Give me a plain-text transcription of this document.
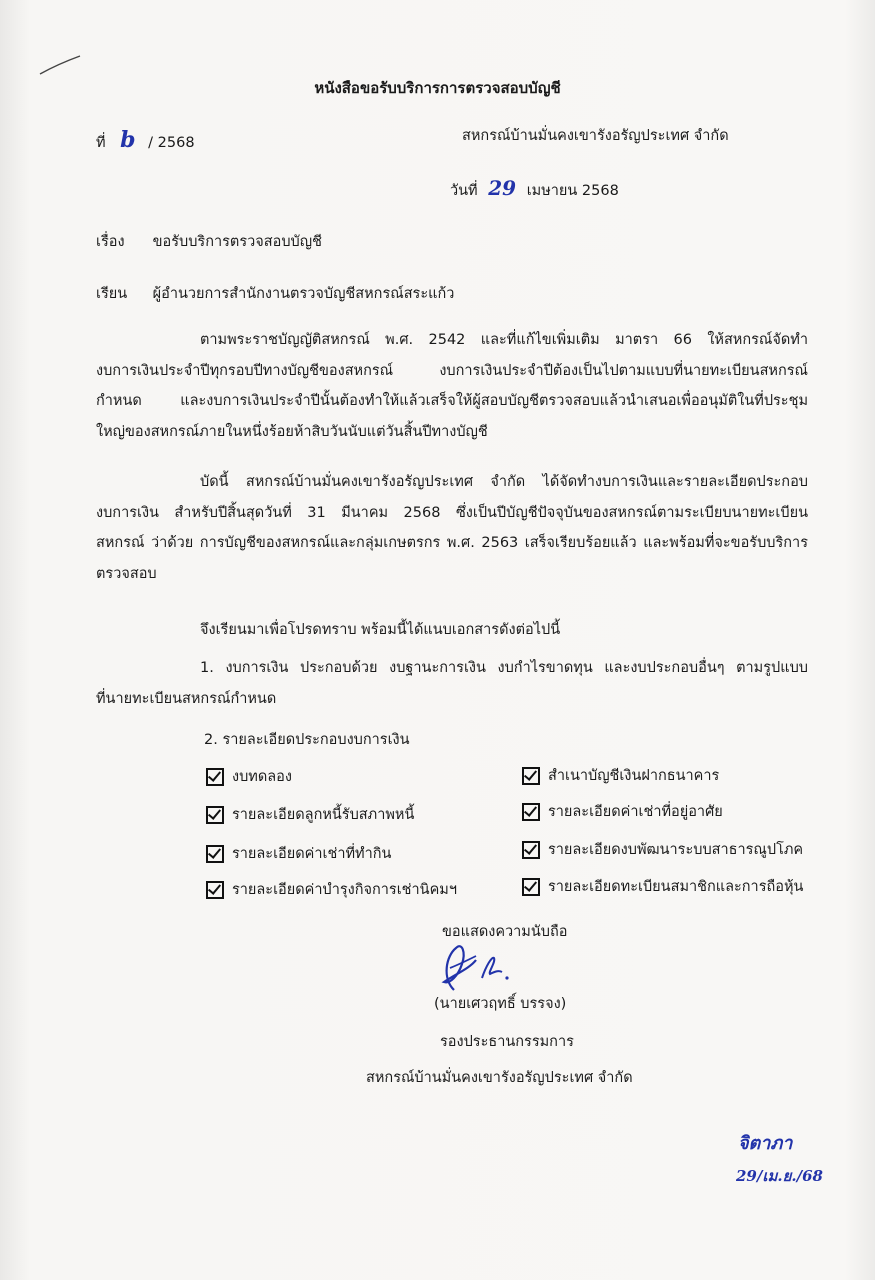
หนังสือขอรับบริการการตรวจสอบบัญชี
ที่ b / 2568	สหกรณ์บ้านมั่นคงเขารังอรัญประเทศ จำกัด
วันที่ 29 เมษายน 2568
เรื่อง ขอรับบริการตรวจสอบบัญชี
เรียน ผู้อำนวยการสำนักงานตรวจบัญชีสหกรณ์สระแก้ว
ตามพระราชบัญญัติสหกรณ์ พ.ศ. 2542 และที่แก้ไขเพิ่มเติม มาตรา 66 ให้สหกรณ์จัดทำ
งบการเงินประจำปีทุกรอบปีทางบัญชีของสหกรณ์ งบการเงินประจำปีต้องเป็นไปตามแบบที่นายทะเบียนสหกรณ์
กำหนด และงบการเงินประจำปีนั้นต้องทำให้แล้วเสร็จให้ผู้สอบบัญชีตรวจสอบแล้วนำเสนอเพื่ออนุมัติในที่ประชุม
ใหญ่ของสหกรณ์ภายในหนึ่งร้อยห้าสิบวันนับแต่วันสิ้นปีทางบัญชี
บัดนี้ สหกรณ์บ้านมั่นคงเขารังอรัญประเทศ จำกัด ได้จัดทำงบการเงินและรายละเอียดประกอบ
งบการเงิน สำหรับปีสิ้นสุดวันที่ 31 มีนาคม 2568 ซึ่งเป็นปีบัญชีปัจจุบันของสหกรณ์ตามระเบียบนายทะเบียน
สหกรณ์ ว่าด้วย การบัญชีของสหกรณ์และกลุ่มเกษตรกร พ.ศ. 2563 เสร็จเรียบร้อยแล้ว และพร้อมที่จะขอรับบริการ
ตรวจสอบ
จึงเรียนมาเพื่อโปรดทราบ พร้อมนี้ได้แนบเอกสารดังต่อไปนี้
1. งบการเงิน ประกอบด้วย งบฐานะการเงิน งบกำไรขาดทุน และงบประกอบอื่นๆ ตามรูปแบบ
ที่นายทะเบียนสหกรณ์กำหนด
2. รายละเอียดประกอบงบการเงิน
งบทดลอง
รายละเอียดลูกหนี้รับสภาพหนี้
รายละเอียดค่าเช่าที่ทำกิน
รายละเอียดค่าบำรุงกิจการเช่านิคมฯ
สำเนาบัญชีเงินฝากธนาคาร
รายละเอียดค่าเช่าที่อยู่อาศัย
รายละเอียดงบพัฒนาระบบสาธารณูปโภค
รายละเอียดทะเบียนสมาชิกและการถือหุ้น
ขอแสดงความนับถือ
(นายเศวฤทธิ์ บรรจง)
รองประธานกรรมการ
สหกรณ์บ้านมั่นคงเขารังอรัญประเทศ จำกัด
จิตาภา
29/เม.ย./68
